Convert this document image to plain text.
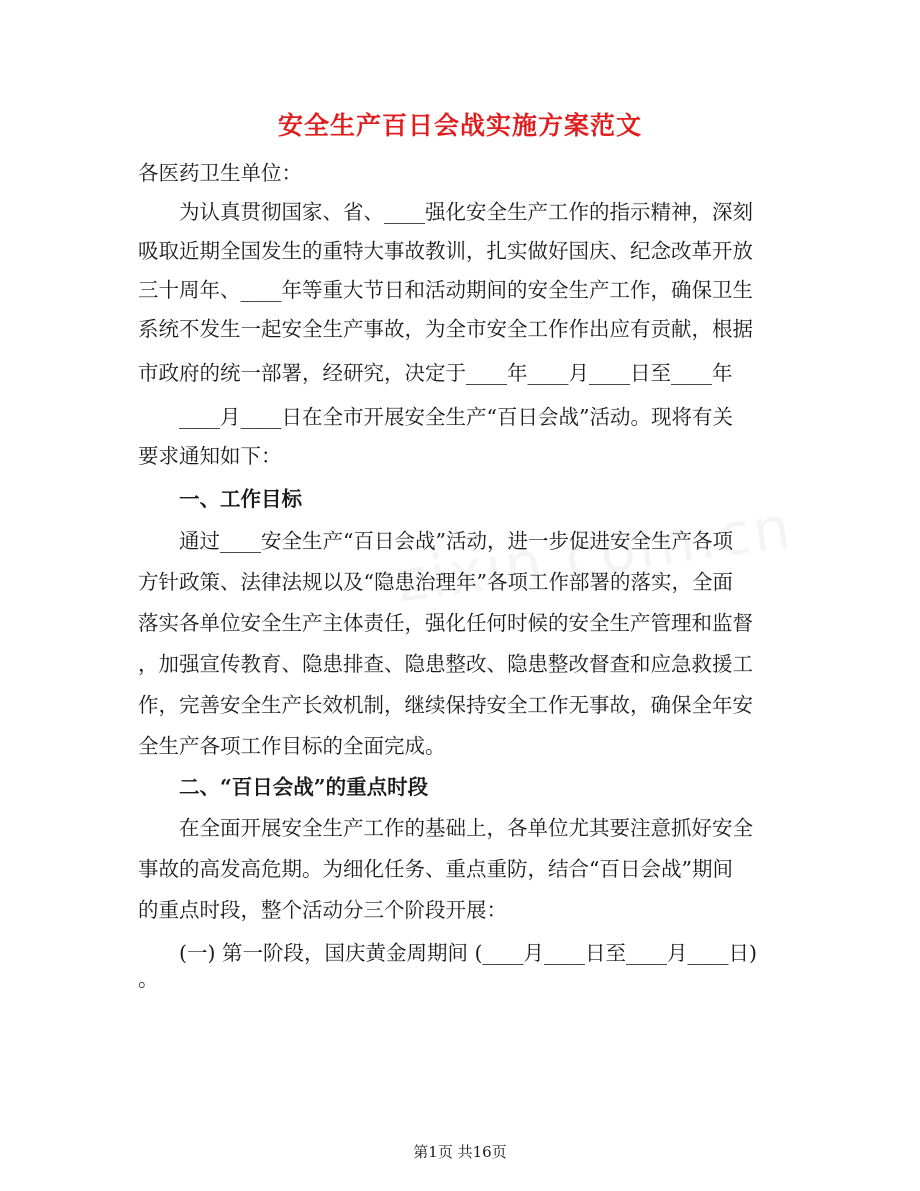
安全生产百日会战实施方案范文
各医药卫生单位：
　　为认真贯彻国家、省、____强化安全生产工作的指示精神，深刻
吸取近期全国发生的重特大事故教训，扎实做好国庆、纪念改革开放
三十周年、____年等重大节日和活动期间的安全生产工作，确保卫生
系统不发生一起安全生产事故，为全市安全工作作出应有贡献，根据
市政府的统一部署，经研究，决定于____年____月____日至____年
　　____月____日在全市开展安全生产“百日会战”活动。现将有关
要求通知如下：
　　一、工作目标
　　通过____安全生产“百日会战”活动，进一步促进安全生产各项
方针政策、法律法规以及“隐患治理年”各项工作部署的落实，全面
落实各单位安全生产主体责任，强化任何时候的安全生产管理和监督
，加强宣传教育、隐患排查、隐患整改、隐患整改督查和应急救援工
作，完善安全生产长效机制，继续保持安全工作无事故，确保全年安
全生产各项工作目标的全面完成。
　　二、“百日会战”的重点时段
　　在全面开展安全生产工作的基础上，各单位尤其要注意抓好安全
事故的高发高危期。为细化任务、重点重防，结合“百日会战”期间
的重点时段，整个活动分三个阶段开展：
　　(一) 第一阶段，国庆黄金周期间 (____月____日至____月____日)
。
第1页 共16页
